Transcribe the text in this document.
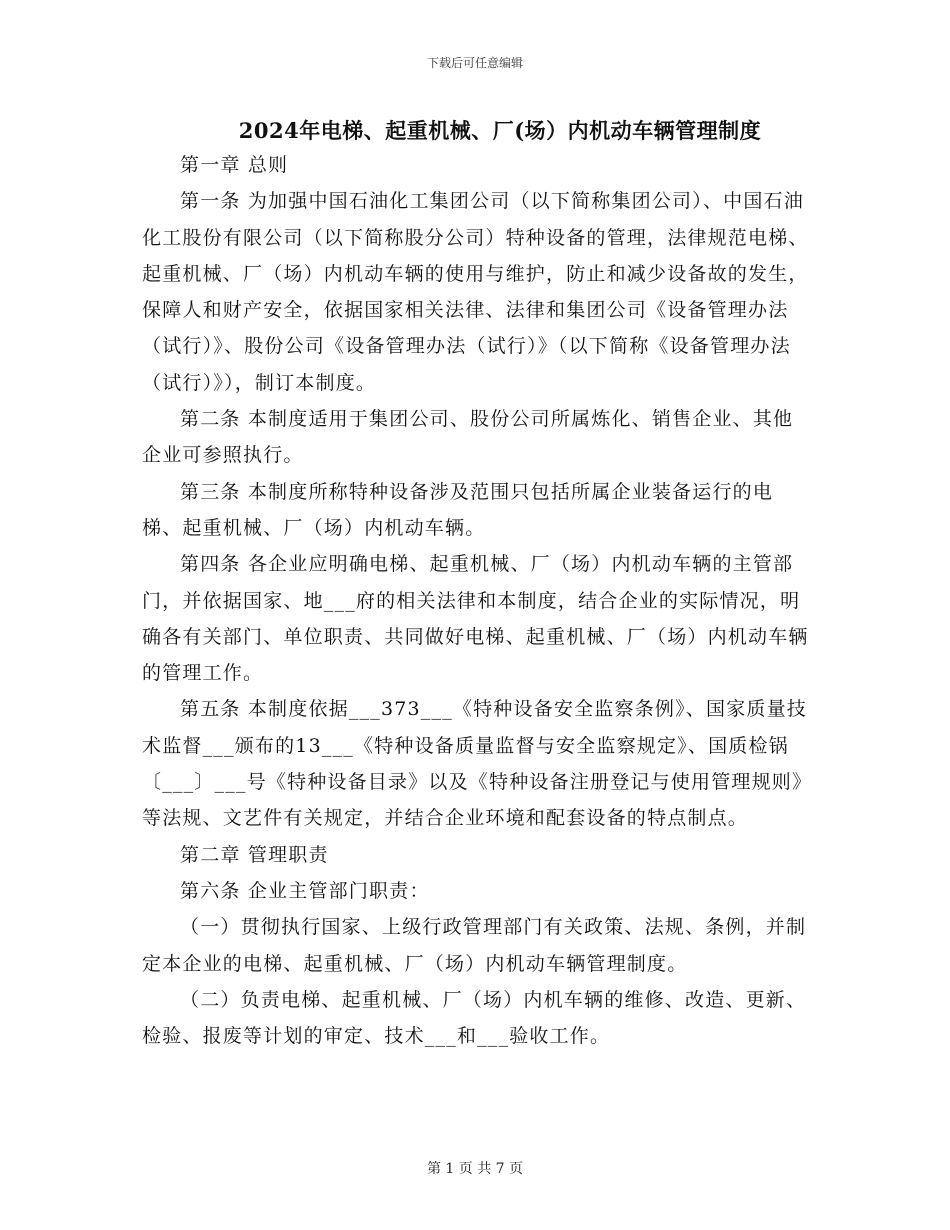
下载后可任意编辑
2024年电梯、起重机械、厂(场）内机动车辆管理制度

第一章 总则

第一条 为加强中国石油化工集团公司（以下简称集团公司）、中国石油化工股份有限公司（以下简称股分公司）特种设备的管理，法律规范电梯、起重机械、厂（场）内机动车辆的使用与维护，防止和减少设备故的发生，保障人和财产安全，依据国家相关法律、法律和集团公司《设备管理办法（试行）》、股份公司《设备管理办法（试行）》（以下简称《设备管理办法（试行）》），制订本制度。

第二条 本制度适用于集团公司、股份公司所属炼化、销售企业、其他企业可参照执行。

第三条 本制度所称特种设备涉及范围只包括所属企业装备运行的电梯、起重机械、厂（场）内机动车辆。

第四条 各企业应明确电梯、起重机械、厂（场）内机动车辆的主管部门，并依据国家、地___府的相关法律和本制度，结合企业的实际情况，明确各有关部门、单位职责、共同做好电梯、起重机械、厂（场）内机动车辆的管理工作。

第五条 本制度依据___373___《特种设备安全监察条例》、国家质量技术监督___颁布的13___《特种设备质量监督与安全监察规定》、国质检锅〔___〕___号《特种设备目录》以及《特种设备注册登记与使用管理规则》等法规、文艺件有关规定，并结合企业环境和配套设备的特点制点。

第二章 管理职责

第六条 企业主管部门职责：

（一）贯彻执行国家、上级行政管理部门有关政策、法规、条例，并制定本企业的电梯、起重机械、厂（场）内机动车辆管理制度。

（二）负责电梯、起重机械、厂（场）内机车辆的维修、改造、更新、检验、报废等计划的审定、技术___和___验收工作。

第 1 页 共 7 页
